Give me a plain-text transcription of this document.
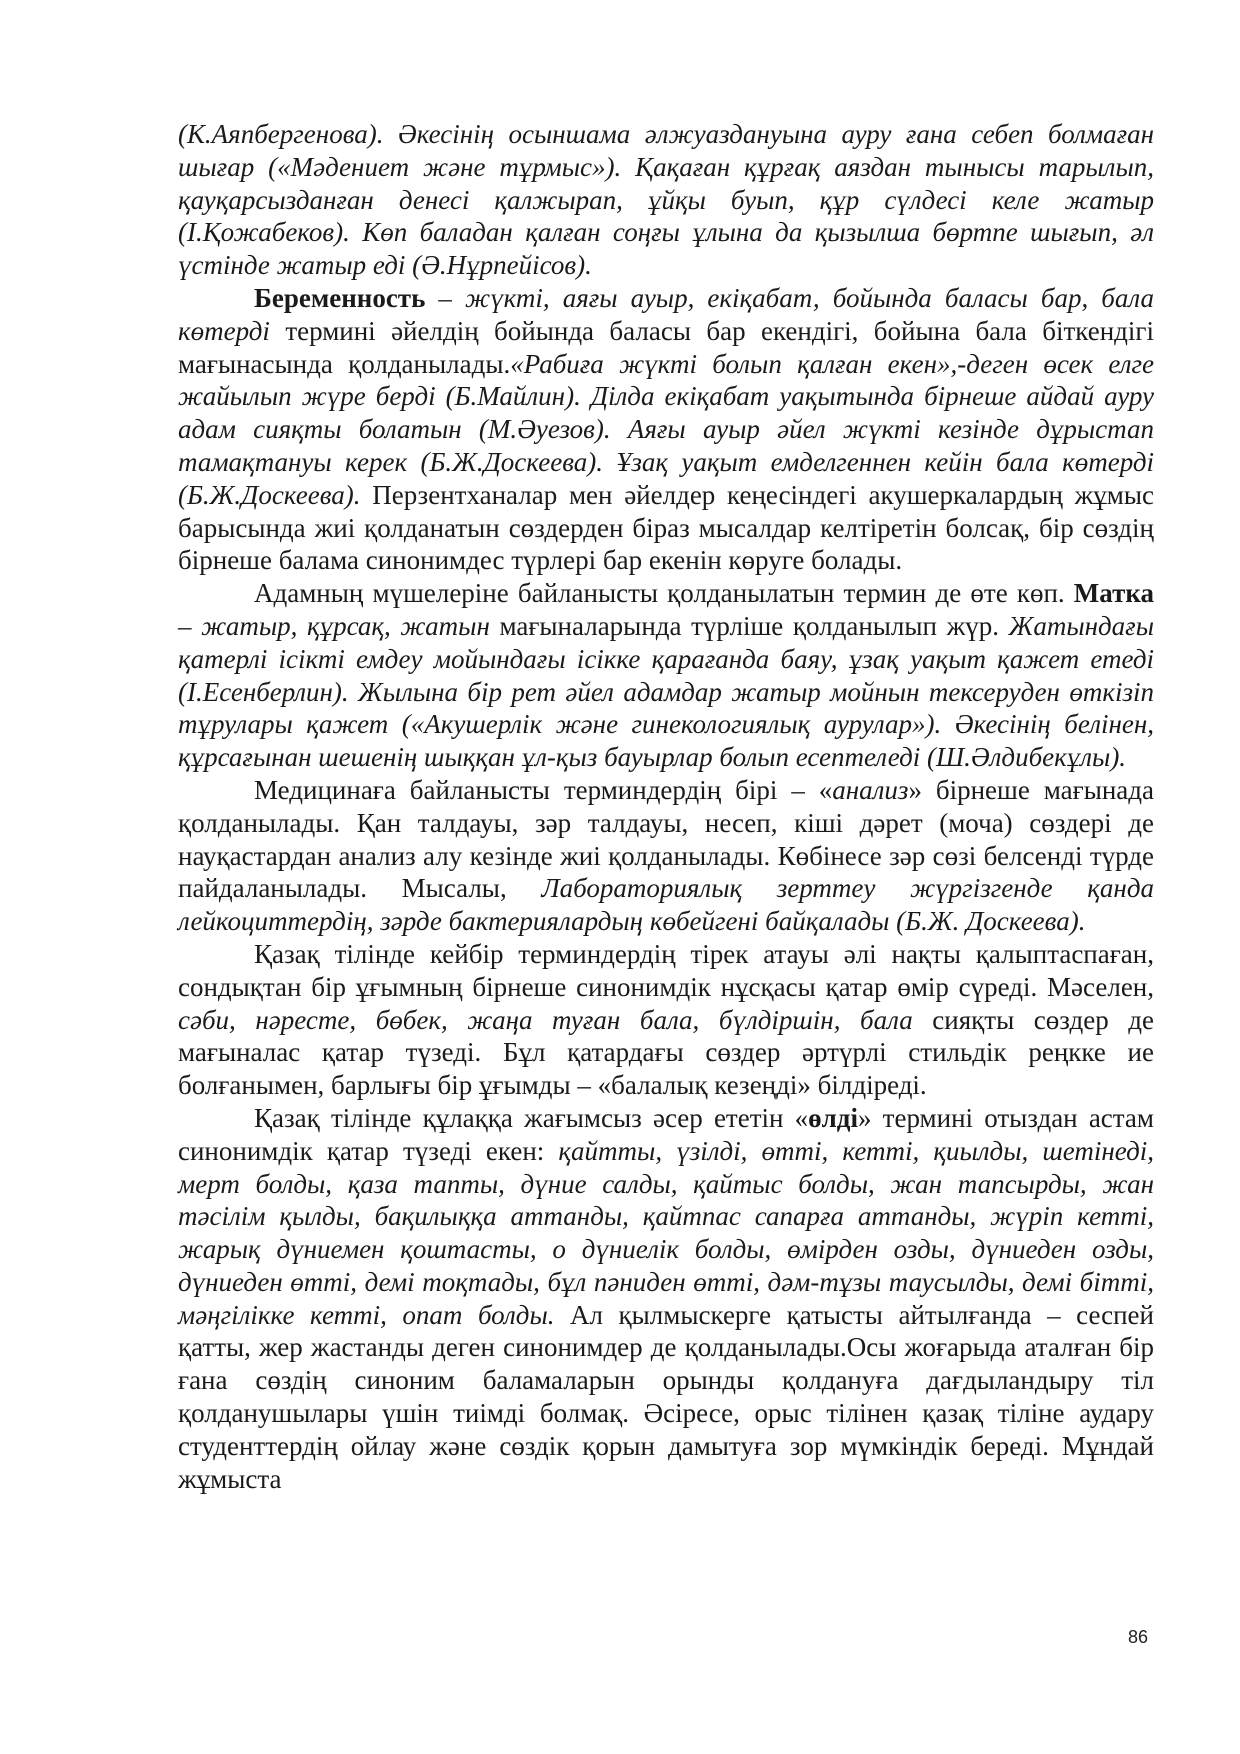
(К.Аяпбергенова). Әкесінің осыншама әлжуаздануына ауру ғана себеп болмаған шығар («Мәдениет және тұрмыс»). Қақаған құрғақ аяздан тынысы тарылып, қауқарсызданған денесі қалжырап, ұйқы буып, құр сүлдесі келе жатыр (І.Қожабеков). Көп баладан қалған соңғы ұлына да қызылша бөртпе шығып, әл үстінде жатыр еді (Ә.Нұрпейісов).

Беременность – жүкті, аяғы ауыр, екіқабат, бойында баласы бар, бала көтерді термині әйелдің бойында баласы бар екендігі, бойына бала біткендігі мағынасында қолданылады.«Рабиға жүкті болып қалған екен»,-деген өсек елге жайылып жүре берді (Б.Майлин). Ділда екіқабат уақытында бірнеше айдай ауру адам сияқты болатын (М.Әуезов). Аяғы ауыр әйел жүкті кезінде дұрыстап тамақтануы керек (Б.Ж.Доскеева). Ұзақ уақыт емделгеннен кейін бала көтерді (Б.Ж.Доскеева). Перзентханалар мен әйелдер кеңесіндегі акушеркалардың жұмыс барысында жиі қолданатын сөздерден біраз мысалдар келтіретін болсақ, бір сөздің бірнеше балама синонимдес түрлері бар екенін көруге болады.

Адамның мүшелеріне байланысты қолданылатын термин де өте көп. Матка – жатыр, құрсақ, жатын мағыналарында түрліше қолданылып жүр. Жатындағы қатерлі ісікті емдеу мойындағы ісікке қарағанда баяу, ұзақ уақыт қажет етеді (І.Есенберлин). Жылына бір рет әйел адамдар жатыр мойнын тексеруден өткізіп тұрулары қажет («Акушерлік және гинекологиялық аурулар»). Әкесінің белінен, құрсағынан шешенің шыққан ұл-қыз бауырлар болып есептеледі (Ш.Әлдибекұлы).

Медицинаға байланысты терминдердің бірі – «анализ» бірнеше мағынада қолданылады. Қан талдауы, зәр талдауы, несеп, кіші дәрет (моча) сөздері де науқастардан анализ алу кезінде жиі қолданылады. Көбінесе зәр сөзі белсенді түрде пайдаланылады. Мысалы, Лабораториялық зерттеу жүргізгенде қанда лейкоциттердің, зәрде бактериялардың көбейгені байқалады (Б.Ж. Доскеева).

Қазақ тілінде кейбір терминдердің тірек атауы әлі нақты қалыптаспаған, сондықтан бір ұғымның бірнеше синонимдік нұсқасы қатар өмір сүреді. Мәселен, сәби, нәресте, бөбек, жаңа туған бала, бүлдіршін, бала сияқты сөздер де мағыналас қатар түзеді. Бұл қатардағы сөздер әртүрлі стильдік реңкке ие болғанымен, барлығы бір ұғымды – «балалық кезеңді» білдіреді.

Қазақ тілінде құлаққа жағымсыз әсер ететін «өлді» термині отыздан астам синонимдік қатар түзеді екен: қайтты, үзілді, өтті, кетті, қиылды, шетінеді, мерт болды, қаза тапты, дүние салды, қайтыс болды, жан тапсырды, жан тәсілім қылды, бақилыққа аттанды, қайтпас сапарға аттанды, жүріп кетті, жарық дүниемен қоштасты, о дүниелік болды, өмірден озды, дүниеден озды, дүниеден өтті, демі тоқтады, бұл пәниден өтті, дәм-тұзы таусылды, демі бітті, мәңгілікке кетті, опат болды. Ал қылмыскерге қатысты айтылғанда – сеспей қатты, жер жастанды деген синонимдер де қолданылады.Осы жоғарыда аталған бір ғана сөздің синоним баламаларын орынды қолдануға дағдыландыру тіл қолданушылары үшін тиімді болмақ. Әсіресе, орыс тілінен қазақ тіліне аудару студенттердің ойлау және сөздік қорын дамытуға зор мүмкіндік береді. Мұндай жұмыста

86
